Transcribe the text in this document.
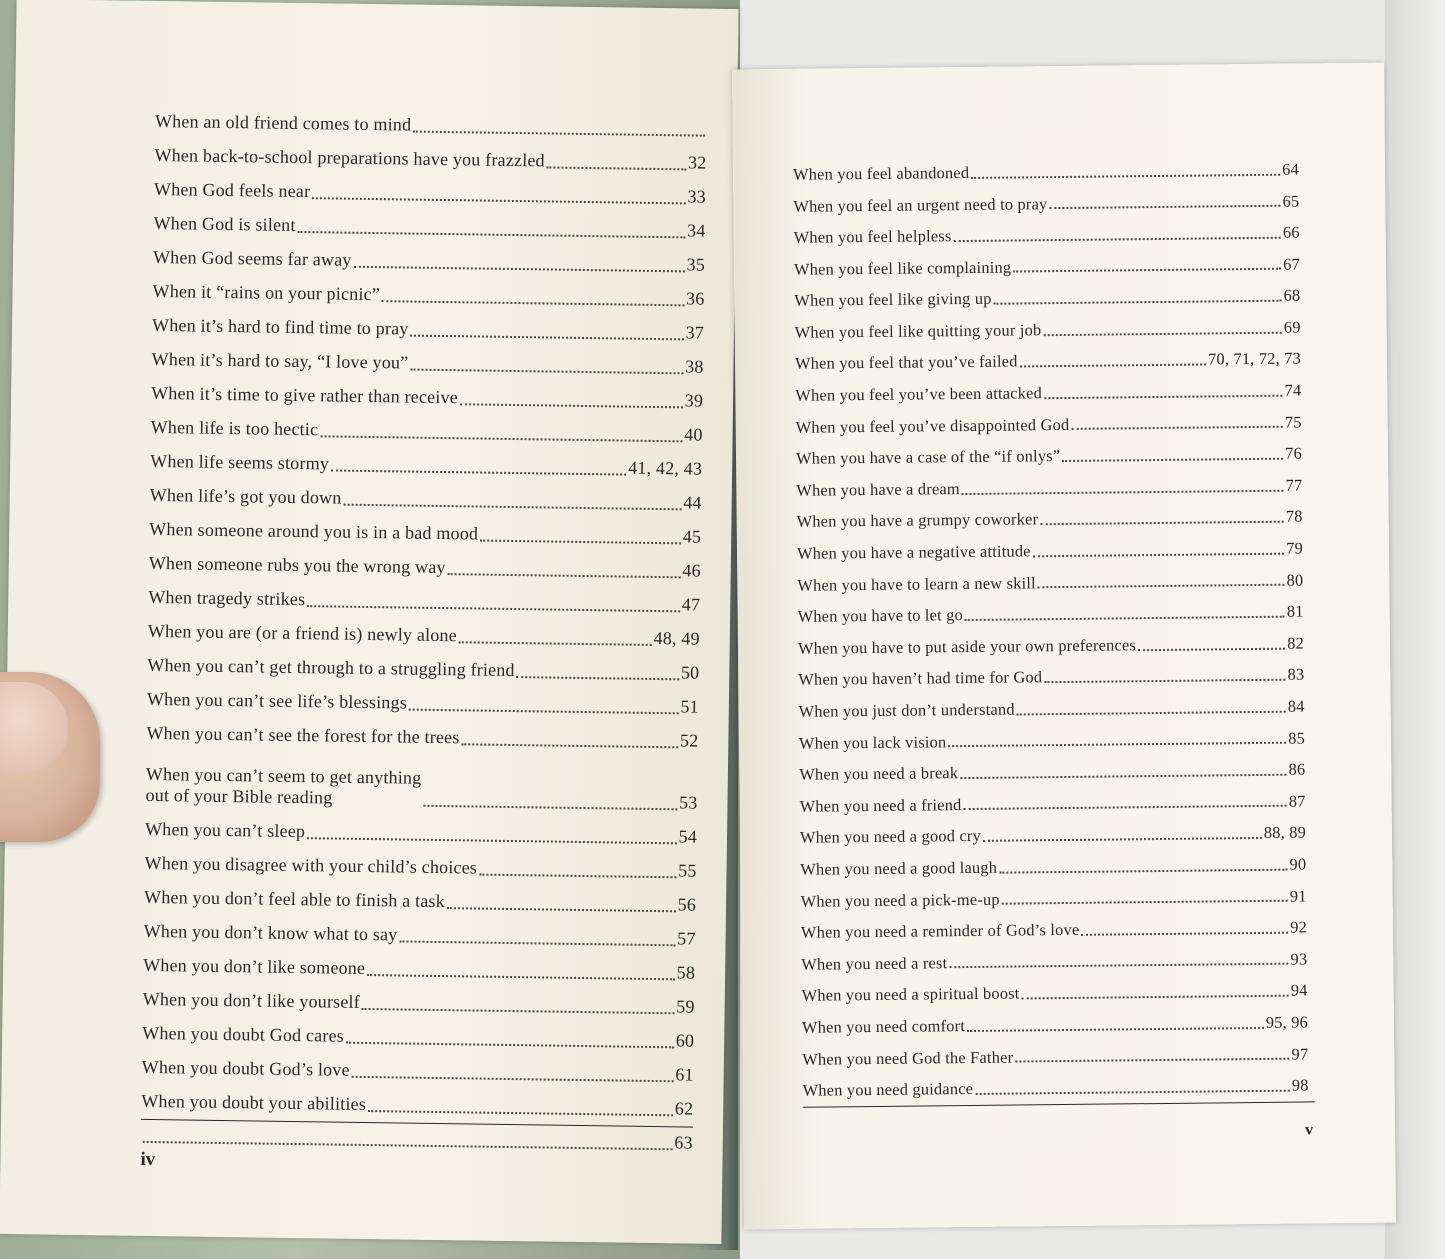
When an old friend comes to mind
When back-to-school preparations have you frazzled	32
When God feels near	33
When God is silent	34
When God seems far away	35
When it “rains on your picnic”	36
When it’s hard to find time to pray	37
When it’s hard to say, “I love you”	38
When it’s time to give rather than receive	39
When life is too hectic	40
When life seems stormy	41, 42, 43
When life’s got you down	44
When someone around you is in a bad mood	45
When someone rubs you the wrong way	46
When tragedy strikes	47
When you are (or a friend is) newly alone	48, 49
When you can’t get through to a struggling friend	50
When you can’t see life’s blessings	51
When you can’t see the forest for the trees	52
When you can’t seem to get anything
out of your Bible reading	53
When you can’t sleep	54
When you disagree with your child’s choices	55
When you don’t feel able to finish a task	56
When you don’t know what to say	57
When you don’t like someone	58
When you don’t like yourself	59
When you doubt God cares	60
When you doubt God’s love	61
When you doubt your abilities	62
63
iv
When you feel abandoned	64
When you feel an urgent need to pray	65
When you feel helpless	66
When you feel like complaining	67
When you feel like giving up	68
When you feel like quitting your job	69
When you feel that you’ve failed	70, 71, 72, 73
When you feel you’ve been attacked	74
When you feel you’ve disappointed God	75
When you have a case of the “if onlys”	76
When you have a dream	77
When you have a grumpy coworker	78
When you have a negative attitude	79
When you have to learn a new skill	80
When you have to let go	81
When you have to put aside your own preferences	82
When you haven’t had time for God	83
When you just don’t understand	84
When you lack vision	85
When you need a break	86
When you need a friend	87
When you need a good cry	88, 89
When you need a good laugh	90
When you need a pick-me-up	91
When you need a reminder of God’s love	92
When you need a rest	93
When you need a spiritual boost	94
When you need comfort	95, 96
When you need God the Father	97
When you need guidance	98
v
